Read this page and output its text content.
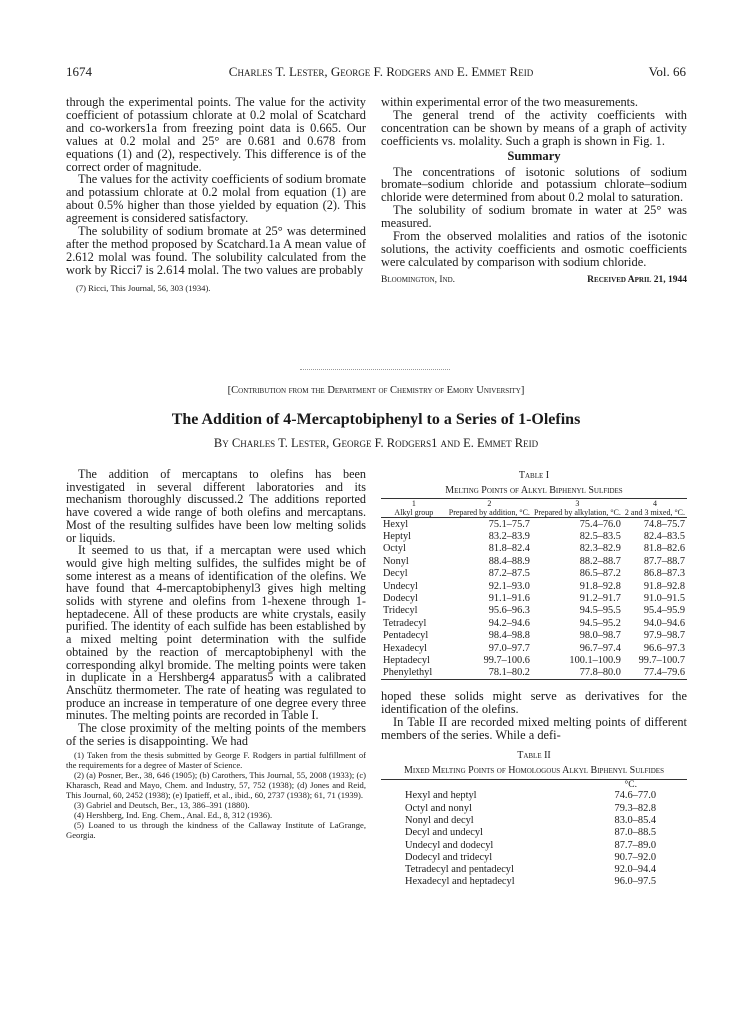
1674	Charles T. Lester, George F. Rodgers and E. Emmet Reid	Vol. 66

through the experimental points. The value for the activity coefficient of potassium chlorate at 0.2 molal of Scatchard and co-workers1a from freezing point data is 0.665. Our values at 0.2 molal and 25° are 0.681 and 0.678 from equations (1) and (2), respectively. This difference is of the correct order of magnitude.

The values for the activity coefficients of sodium bromate and potassium chlorate at 0.2 molal from equation (1) are about 0.5% higher than those yielded by equation (2). This agreement is considered satisfactory.

The solubility of sodium bromate at 25° was determined after the method proposed by Scatchard.1a A mean value of 2.612 molal was found. The solubility calculated from the work by Ricci7 is 2.614 molal. The two values are probably

(7) Ricci, This Journal, 56, 303 (1934).

within experimental error of the two measurements.

The general trend of the activity coefficients with concentration can be shown by means of a graph of activity coefficients vs. molality. Such a graph is shown in Fig. 1.

Summary

The concentrations of isotonic solutions of sodium bromate–sodium chloride and potassium chlorate–sodium chloride were determined from about 0.2 molal to saturation.

The solubility of sodium bromate in water at 25° was measured.

From the observed molalities and ratios of the isotonic solutions, the activity coefficients and osmotic coefficients were calculated by comparison with sodium chloride.

Bloomington, Ind.	Received April 21, 1944
[Contribution from the Department of Chemistry of Emory University]
The Addition of 4-Mercaptobiphenyl to a Series of 1-Olefins
By Charles T. Lester, George F. Rodgers1 and E. Emmet Reid

The addition of mercaptans to olefins has been investigated in several different laboratories and its mechanism thoroughly discussed.2 The additions reported have covered a wide range of both olefins and mercaptans. Most of the resulting sulfides have been low melting solids or liquids.

It seemed to us that, if a mercaptan were used which would give high melting sulfides, the sulfides might be of some interest as a means of identification of the olefins. We have found that 4-mercaptobiphenyl3 gives high melting solids with styrene and olefins from 1-hexene through 1-heptadecene. All of these products are white crystals, easily purified. The identity of each sulfide has been established by a mixed melting point determination with the sulfide obtained by the reaction of mercaptobiphenyl with the corresponding alkyl bromide. The melting points were taken in duplicate in a Hershberg4 apparatus5 with a calibrated Anschütz thermometer. The rate of heating was regulated to produce an increase in temperature of one degree every three minutes. The melting points are recorded in Table I.

The close proximity of the melting points of the members of the series is disappointing. We had

(1) Taken from the thesis submitted by George F. Rodgers in partial fulfillment of the requirements for a degree of Master of Science.
(2) (a) Posner, Ber., 38, 646 (1905); (b) Carothers, This Journal, 55, 2008 (1933); (c) Kharasch, Read and Mayo, Chem. and Industry, 57, 752 (1938); (d) Jones and Reid, This Journal, 60, 2452 (1938); (e) Ipatieff, et al., ibid., 60, 2737 (1938); 61, 71 (1939).
(3) Gabriel and Deutsch, Ber., 13, 386–391 (1880).
(4) Hershberg, Ind. Eng. Chem., Anal. Ed., 8, 312 (1936).
(5) Loaned to us through the kindness of the Callaway Institute of LaGrange, Georgia.
Table I
Melting Points of Alkyl Biphenyl Sulfides
1	2	3	4
Alkyl group	Prepared by addition, °C.	Prepared by alkylation, °C.	2 and 3 mixed, °C.
Hexyl	75.1–75.7	75.4–76.0	74.8–75.7
Heptyl	83.2–83.9	82.5–83.5	82.4–83.5
Octyl	81.8–82.4	82.3–82.9	81.8–82.6
Nonyl	88.4–88.9	88.2–88.7	87.7–88.7
Decyl	87.2–87.5	86.5–87.2	86.8–87.3
Undecyl	92.1–93.0	91.8–92.8	91.8–92.8
Dodecyl	91.1–91.6	91.2–91.7	91.0–91.5
Tridecyl	95.6–96.3	94.5–95.5	95.4–95.9
Tetradecyl	94.2–94.6	94.5–95.2	94.0–94.6
Pentadecyl	98.4–98.8	98.0–98.7	97.9–98.7
Hexadecyl	97.0–97.7	96.7–97.4	96.6–97.3
Heptadecyl	99.7–100.6	100.1–100.9	99.7–100.7
Phenylethyl	78.1–80.2	77.8–80.0	77.4–79.6

hoped these solids might serve as derivatives for the identification of the olefins.

In Table II are recorded mixed melting points of different members of the series. While a defi-

Table II
Mixed Melting Points of Homologous Alkyl Biphenyl Sulfides
°C.
Hexyl and heptyl	74.6–77.0
Octyl and nonyl	79.3–82.8
Nonyl and decyl	83.0–85.4
Decyl and undecyl	87.0–88.5
Undecyl and dodecyl	87.7–89.0
Dodecyl and tridecyl	90.7–92.0
Tetradecyl and pentadecyl	92.0–94.4
Hexadecyl and heptadecyl	96.0–97.5
